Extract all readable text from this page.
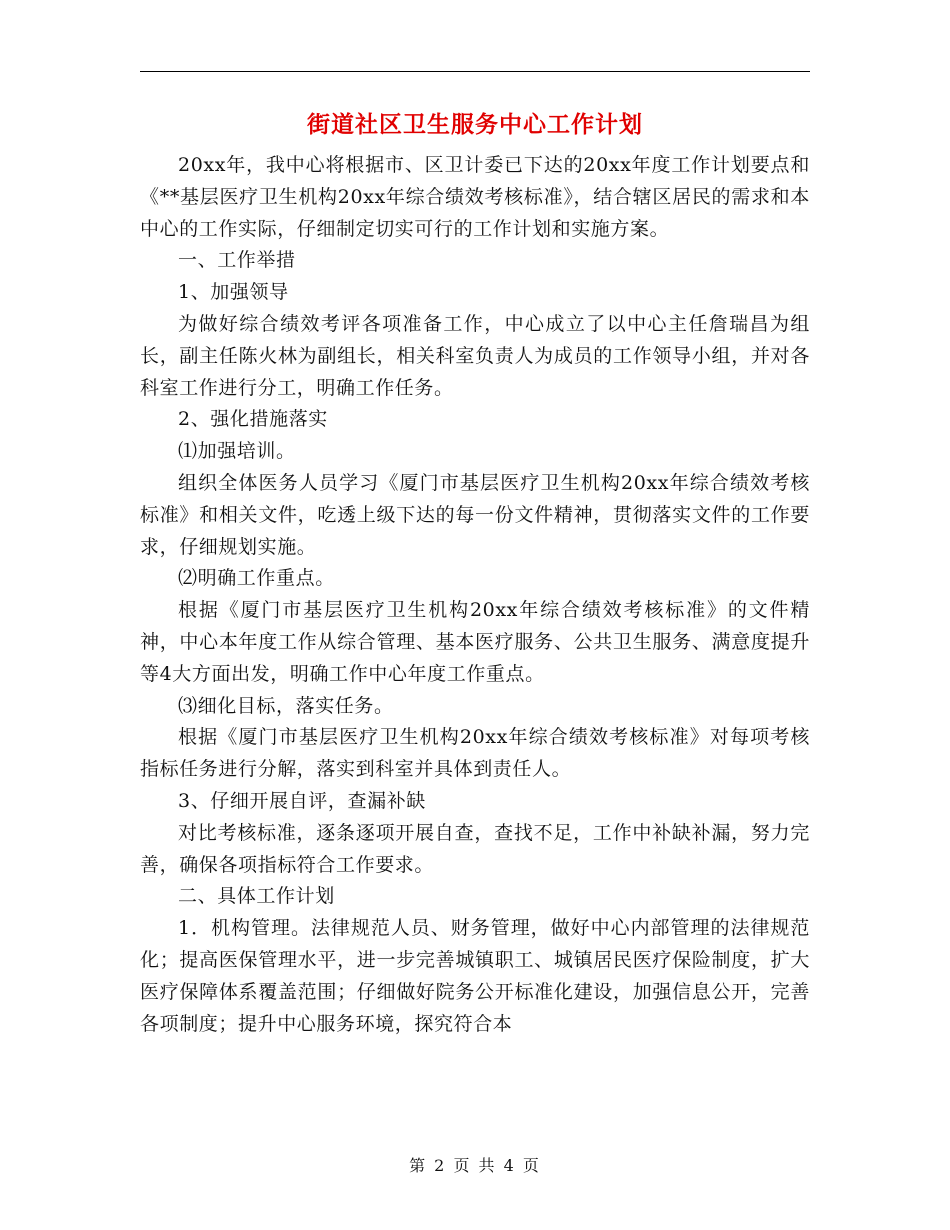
街道社区卫生服务中心工作计划

20xx年，我中心将根据市、区卫计委已下达的20xx年度工作计划要点和《**基层医疗卫生机构20xx年综合绩效考核标准》，结合辖区居民的需求和本中心的工作实际，仔细制定切实可行的工作计划和实施方案。

一、工作举措

1、加强领导

为做好综合绩效考评各项准备工作，中心成立了以中心主任詹瑞昌为组长，副主任陈火林为副组长，相关科室负责人为成员的工作领导小组，并对各科室工作进行分工，明确工作任务。

2、强化措施落实

⑴加强培训。

组织全体医务人员学习《厦门市基层医疗卫生机构20xx年综合绩效考核标准》和相关文件，吃透上级下达的每一份文件精神，贯彻落实文件的工作要求，仔细规划实施。

⑵明确工作重点。

根据《厦门市基层医疗卫生机构20xx年综合绩效考核标准》的文件精神，中心本年度工作从综合管理、基本医疗服务、公共卫生服务、满意度提升等4大方面出发，明确工作中心年度工作重点。

⑶细化目标，落实任务。

根据《厦门市基层医疗卫生机构20xx年综合绩效考核标准》对每项考核指标任务进行分解，落实到科室并具体到责任人。

3、仔细开展自评，查漏补缺

对比考核标准，逐条逐项开展自查，查找不足，工作中补缺补漏，努力完善，确保各项指标符合工作要求。

二、具体工作计划

1．机构管理。法律规范人员、财务管理，做好中心内部管理的法律规范化；提高医保管理水平，进一步完善城镇职工、城镇居民医疗保险制度，扩大医疗保障体系覆盖范围；仔细做好院务公开标准化建设，加强信息公开，完善各项制度；提升中心服务环境，探究符合本

第 2 页 共 4 页
